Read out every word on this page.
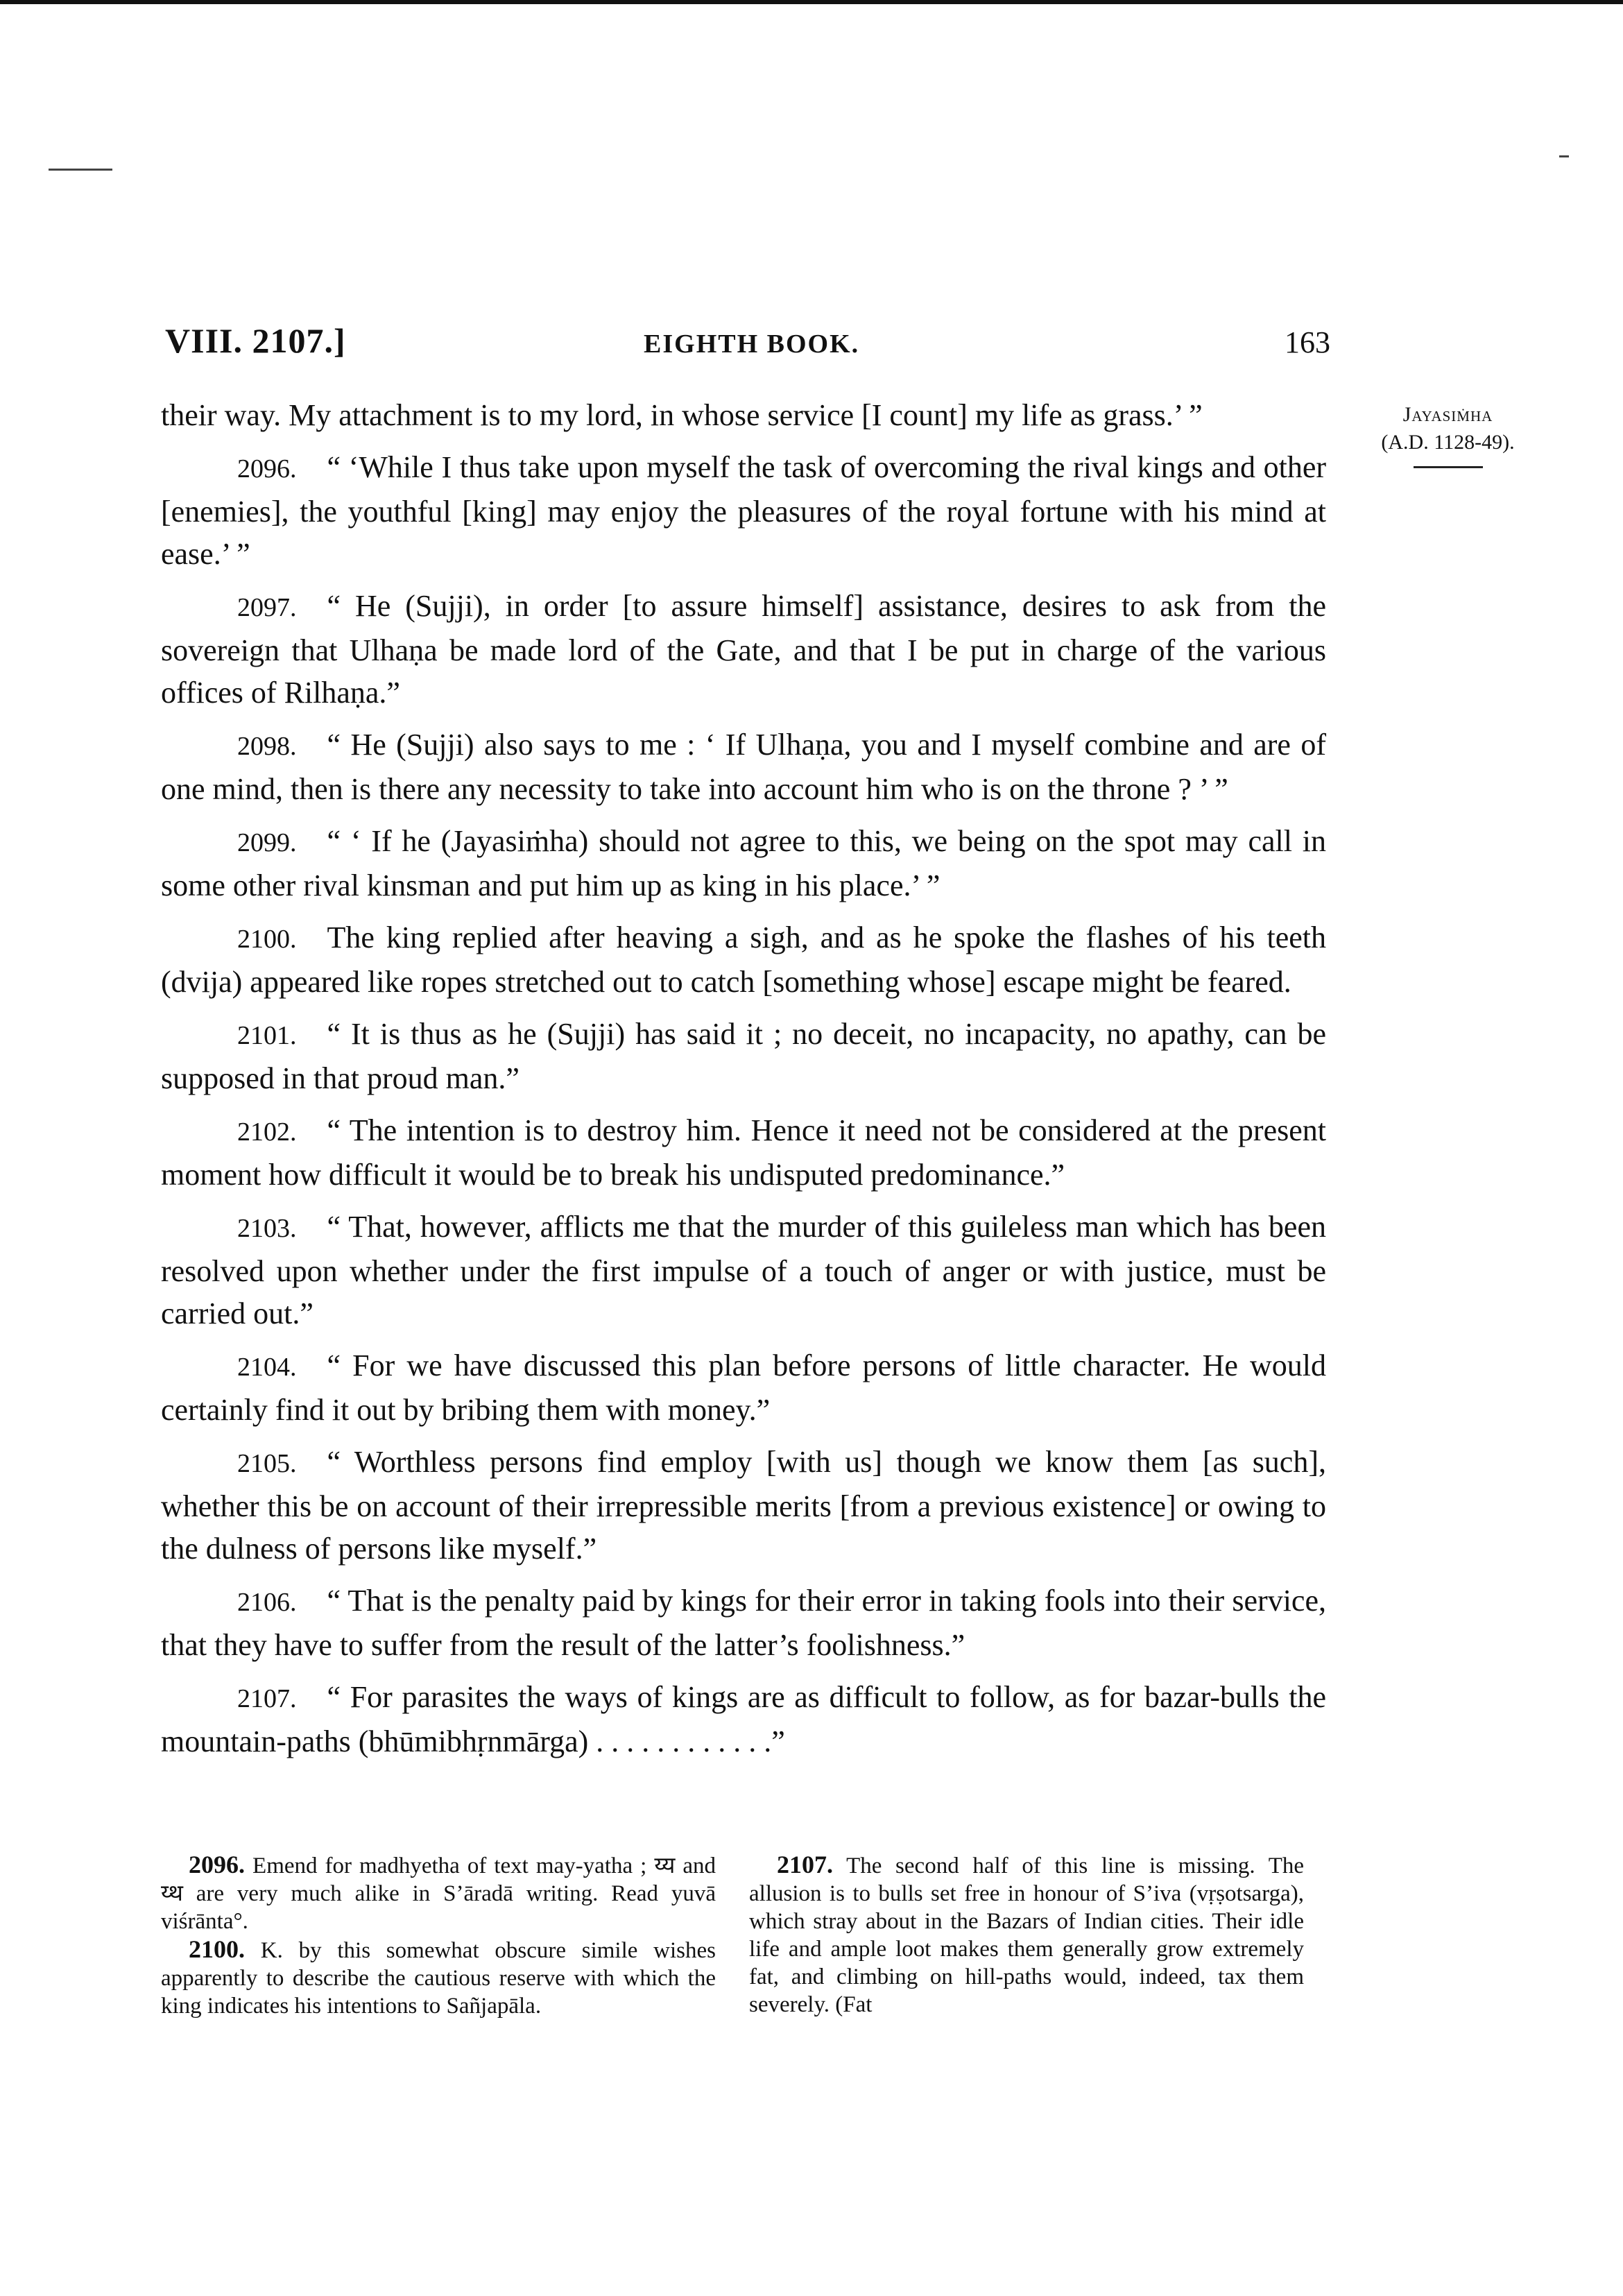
VIII. 2107.]	EIGHTH BOOK.	163
Jayasiṁha
(A.D. 1128-49).

their way. My attachment is to my lord, in whose service [I count] my life as grass.’ ”

2096.  “ ‘While I thus take upon myself the task of overcoming the rival kings and other [enemies], the youthful [king] may enjoy the pleasures of the royal fortune with his mind at ease.’ ”

2097.  “ He (Sujji), in order [to assure himself] assistance, desires to ask from the sovereign that Ulhaṇa be made lord of the Gate, and that I be put in charge of the various offices of Rilhaṇa.”

2098.  “ He (Sujji) also says to me : ‘ If Ulhaṇa, you and I myself combine and are of one mind, then is there any necessity to take into account him who is on the throne ? ’ ”

2099.  “ ‘ If he (Jayasiṁha) should not agree to this, we being on the spot may call in some other rival kinsman and put him up as king in his place.’ ”

2100.  The king replied after heaving a sigh, and as he spoke the flashes of his teeth (dvija) appeared like ropes stretched out to catch [something whose] escape might be feared.

2101.  “ It is thus as he (Sujji) has said it ; no deceit, no incapacity, no apathy, can be supposed in that proud man.”

2102.  “ The intention is to destroy him. Hence it need not be considered at the present moment how difficult it would be to break his undisputed predominance.”

2103.  “ That, however, afflicts me that the murder of this guileless man which has been resolved upon whether under the first impulse of a touch of anger or with justice, must be carried out.”

2104.  “ For we have discussed this plan before persons of little character. He would certainly find it out by bribing them with money.”

2105.  “ Worthless persons find employ [with us] though we know them [as such], whether this be on account of their irrepressible merits [from a previous existence] or owing to the dulness of persons like myself.”

2106.  “ That is the penalty paid by kings for their error in taking fools into their service, that they have to suffer from the result of the latter’s foolishness.”

2107.  “ For parasites the ways of kings are as difficult to follow, as for bazar-bulls the mountain-paths (bhūmibhṛnmārga) . . . . . . . . . . . .”

2096. Emend for madhyetha of text may-yatha ; य्य and य्थ are very much alike in S’āradā writing. Read yuvā viśrānta°.

2100. K. by this somewhat obscure simile wishes apparently to describe the cautious reserve with which the king indicates his intentions to Sañjapāla.

2107. The second half of this line is missing. The allusion is to bulls set free in honour of S’iva (vṛṣotsarga), which stray about in the Bazars of Indian cities. Their idle life and ample loot makes them generally grow extremely fat, and climbing on hill-paths would, indeed, tax them severely. (Fat
